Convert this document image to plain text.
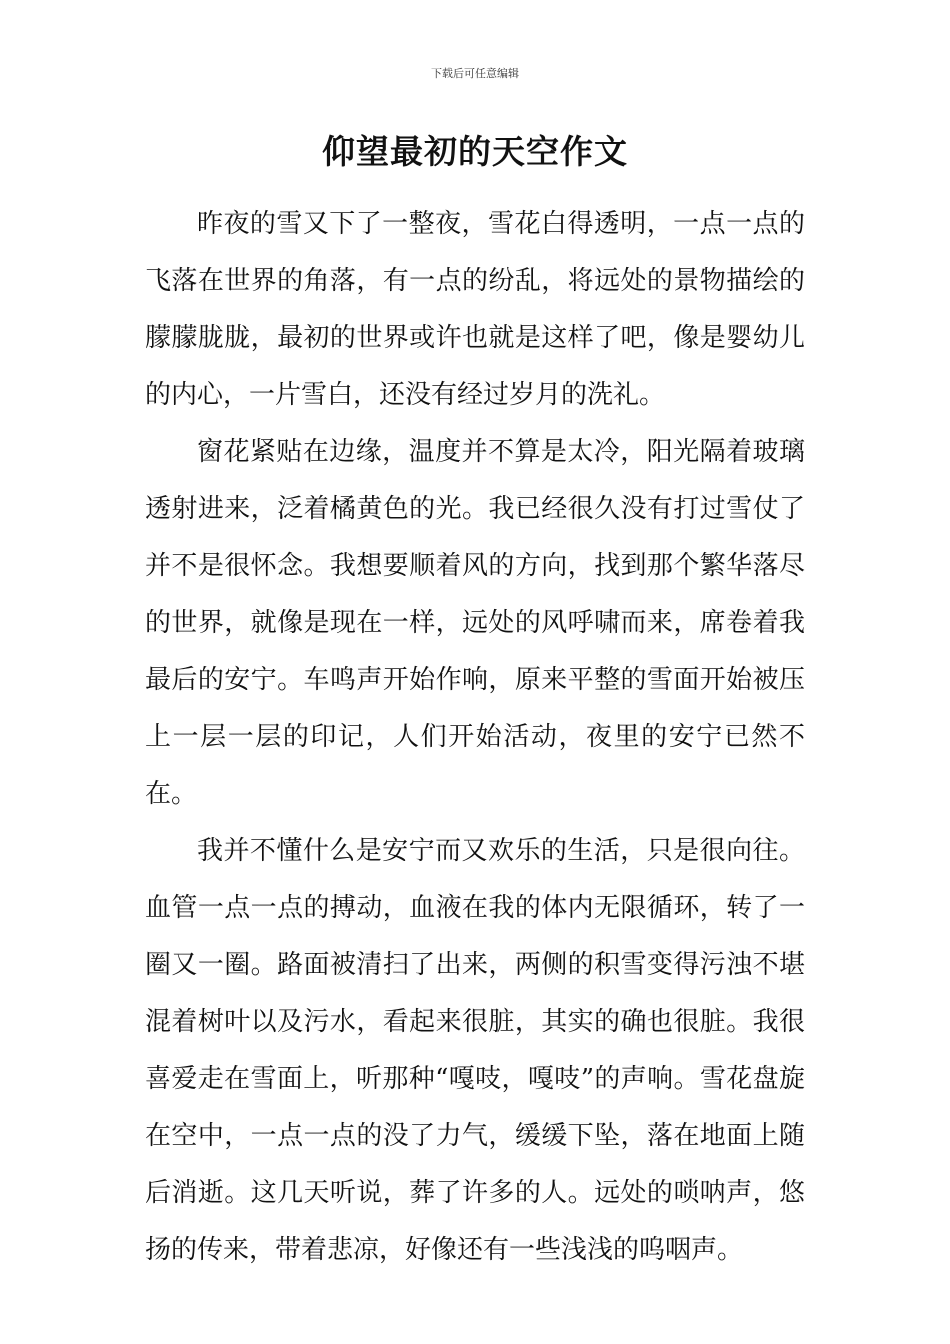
下载后可任意编辑
仰望最初的天空作文

昨夜的雪又下了一整夜，雪花白得透明，一点一点的飞落在世界的角落，有一点的纷乱，将远处的景物描绘的朦朦胧胧，最初的世界或许也就是这样了吧，像是婴幼儿的内心，一片雪白，还没有经过岁月的洗礼。

窗花紧贴在边缘，温度并不算是太冷，阳光隔着玻璃透射进来，泛着橘黄色的光。我已经很久没有打过雪仗了并不是很怀念。我想要顺着风的方向，找到那个繁华落尽的世界，就像是现在一样，远处的风呼啸而来，席卷着我最后的安宁。车鸣声开始作响，原来平整的雪面开始被压上一层一层的印记，人们开始活动，夜里的安宁已然不在。

我并不懂什么是安宁而又欢乐的生活，只是很向往。血管一点一点的搏动，血液在我的体内无限循环，转了一圈又一圈。路面被清扫了出来，两侧的积雪变得污浊不堪混着树叶以及污水，看起来很脏，其实的确也很脏。我很喜爱走在雪面上，听那种“嘎吱，嘎吱”的声响。雪花盘旋在空中，一点一点的没了力气，缓缓下坠，落在地面上随后消逝。这几天听说，葬了许多的人。远处的唢呐声，悠扬的传来，带着悲凉，好像还有一些浅浅的呜咽声。
